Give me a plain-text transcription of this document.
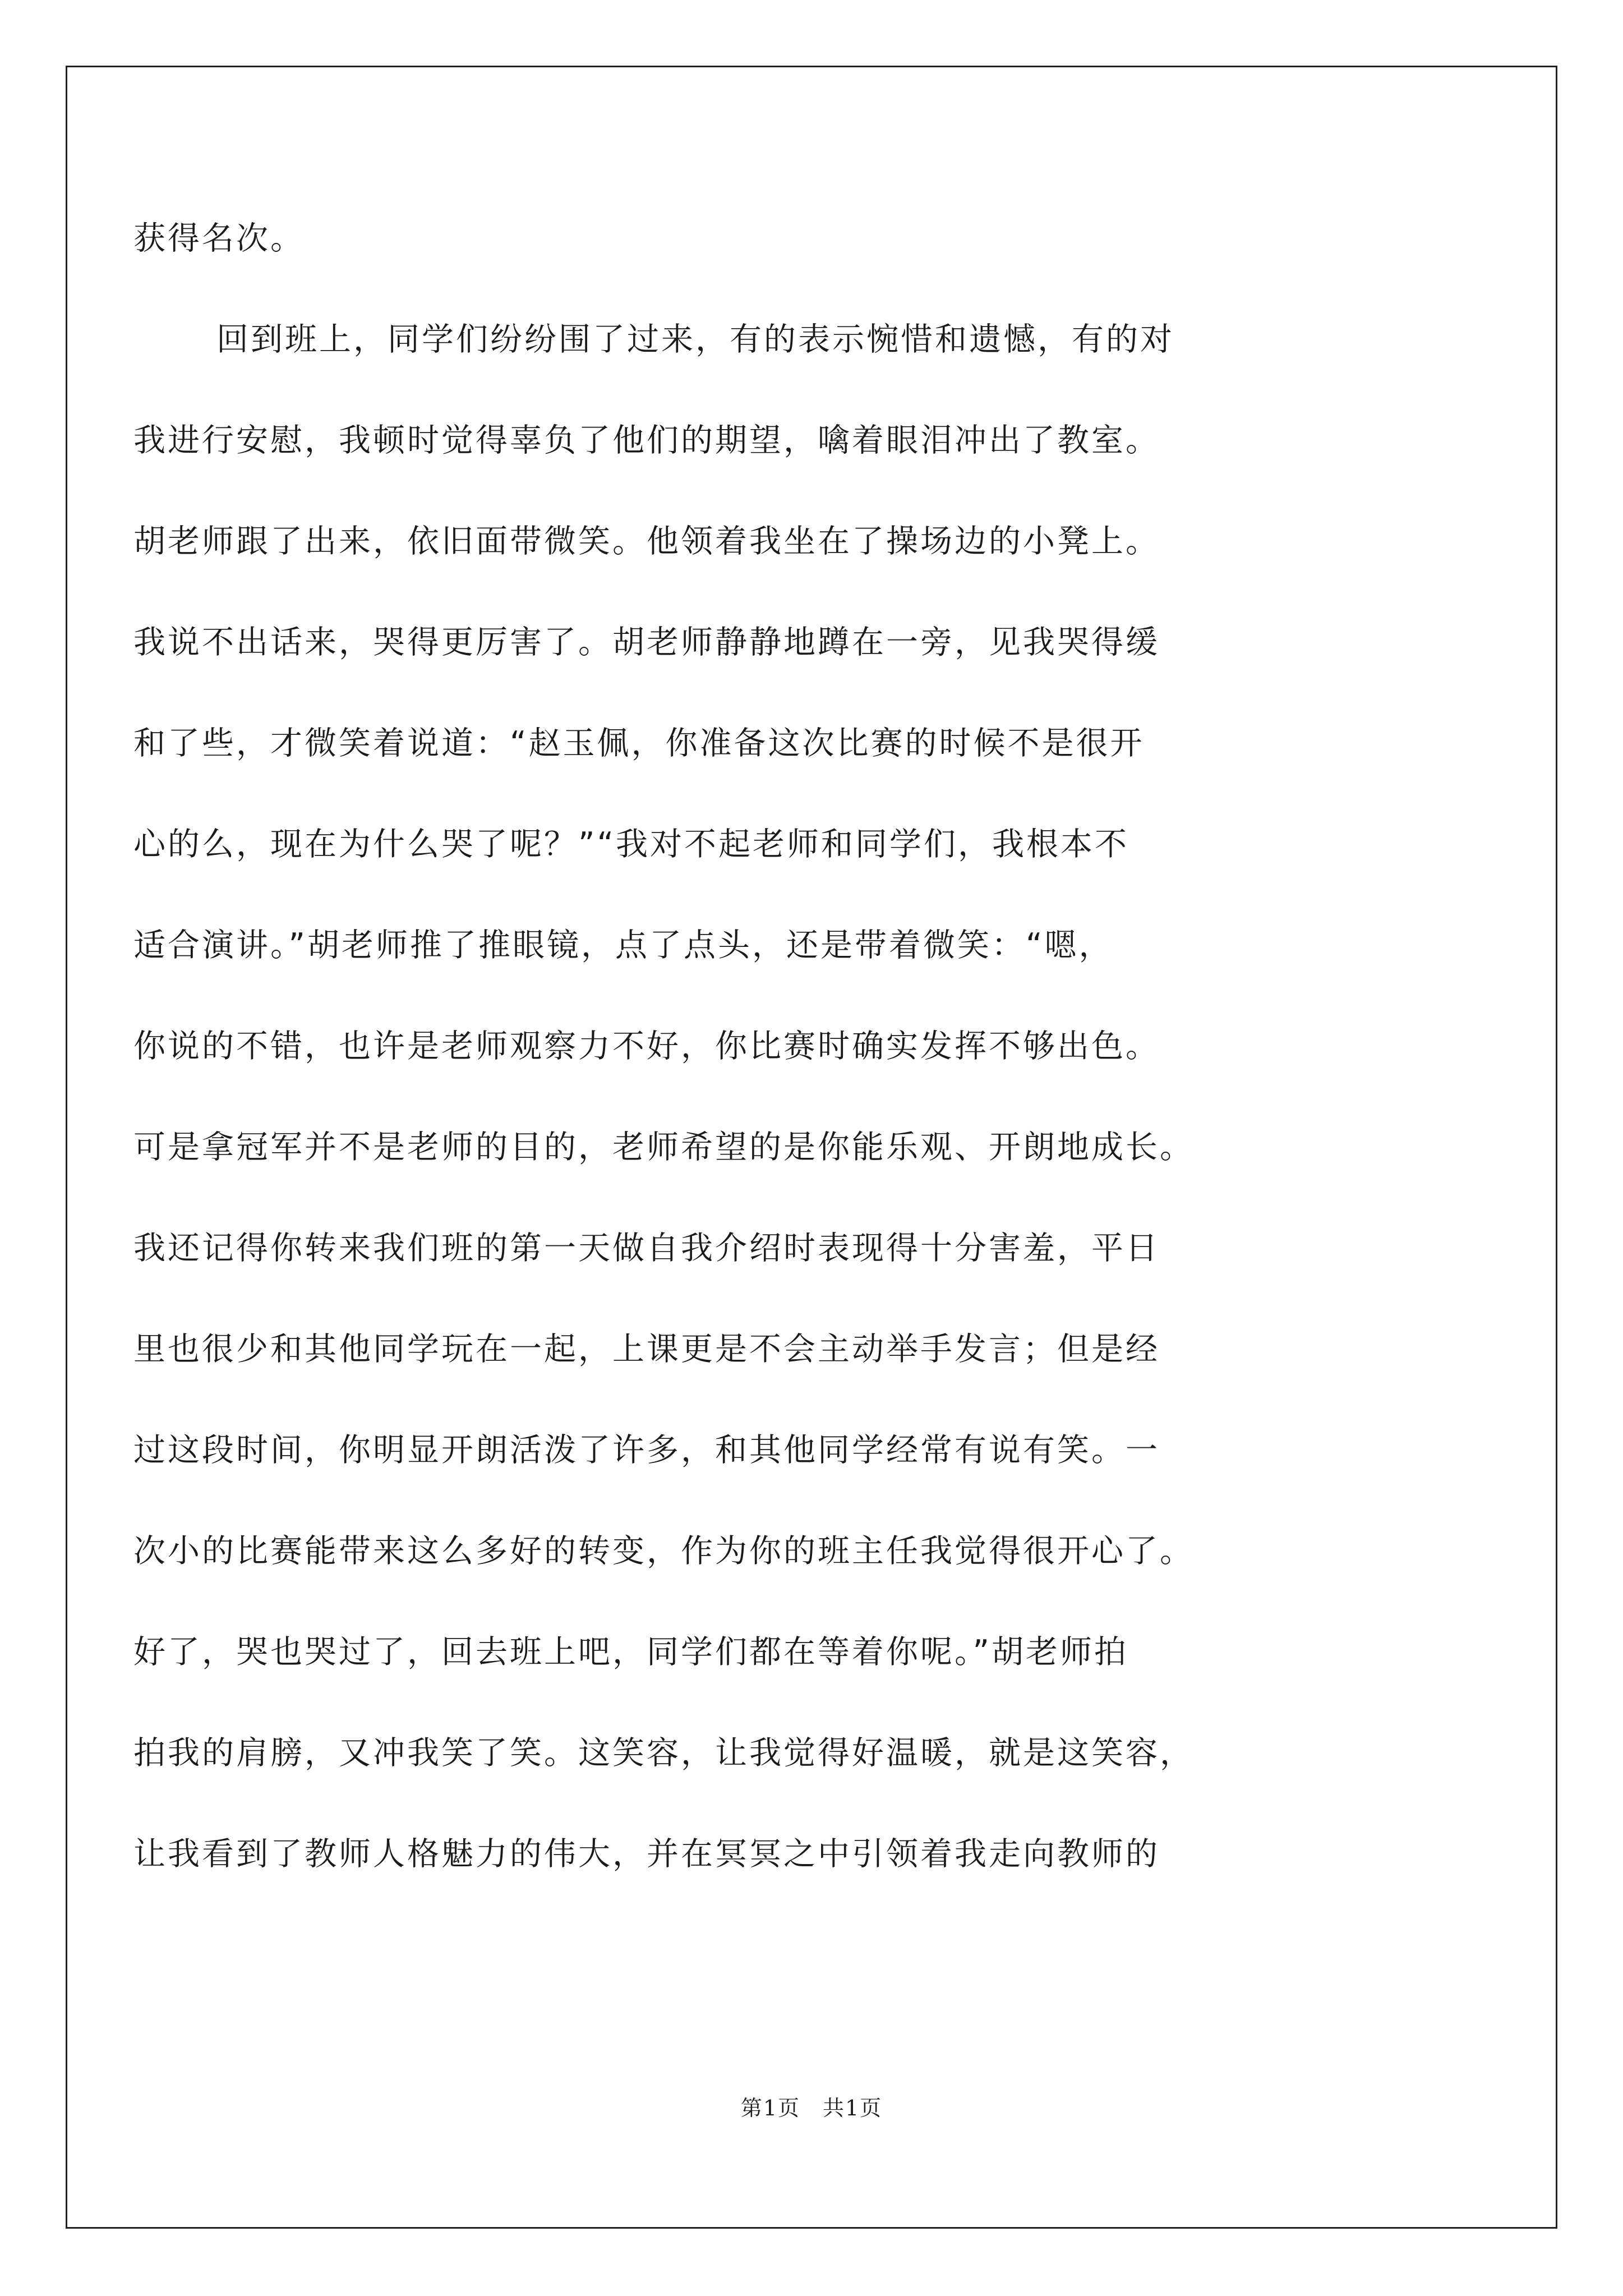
获得名次。
回到班上，同学们纷纷围了过来，有的表示惋惜和遗憾，有的对
我进行安慰，我顿时觉得辜负了他们的期望，噙着眼泪冲出了教室。
胡老师跟了出来，依旧面带微笑。他领着我坐在了操场边的小凳上。
我说不出话来，哭得更厉害了。胡老师静静地蹲在一旁，见我哭得缓
和了些，才微笑着说道：“赵玉佩，你准备这次比赛的时候不是很开
心的么，现在为什么哭了呢？”“我对不起老师和同学们，我根本不
适合演讲。”胡老师推了推眼镜，点了点头，还是带着微笑：“嗯，
你说的不错，也许是老师观察力不好，你比赛时确实发挥不够出色。
可是拿冠军并不是老师的目的，老师希望的是你能乐观、开朗地成长。
我还记得你转来我们班的第一天做自我介绍时表现得十分害羞，平日
里也很少和其他同学玩在一起，上课更是不会主动举手发言；但是经
过这段时间，你明显开朗活泼了许多，和其他同学经常有说有笑。一
次小的比赛能带来这么多好的转变，作为你的班主任我觉得很开心了。
好了，哭也哭过了，回去班上吧，同学们都在等着你呢。”胡老师拍
拍我的肩膀，又冲我笑了笑。这笑容，让我觉得好温暖，就是这笑容，
让我看到了教师人格魅力的伟大，并在冥冥之中引领着我走向教师的
第1页　共1页
